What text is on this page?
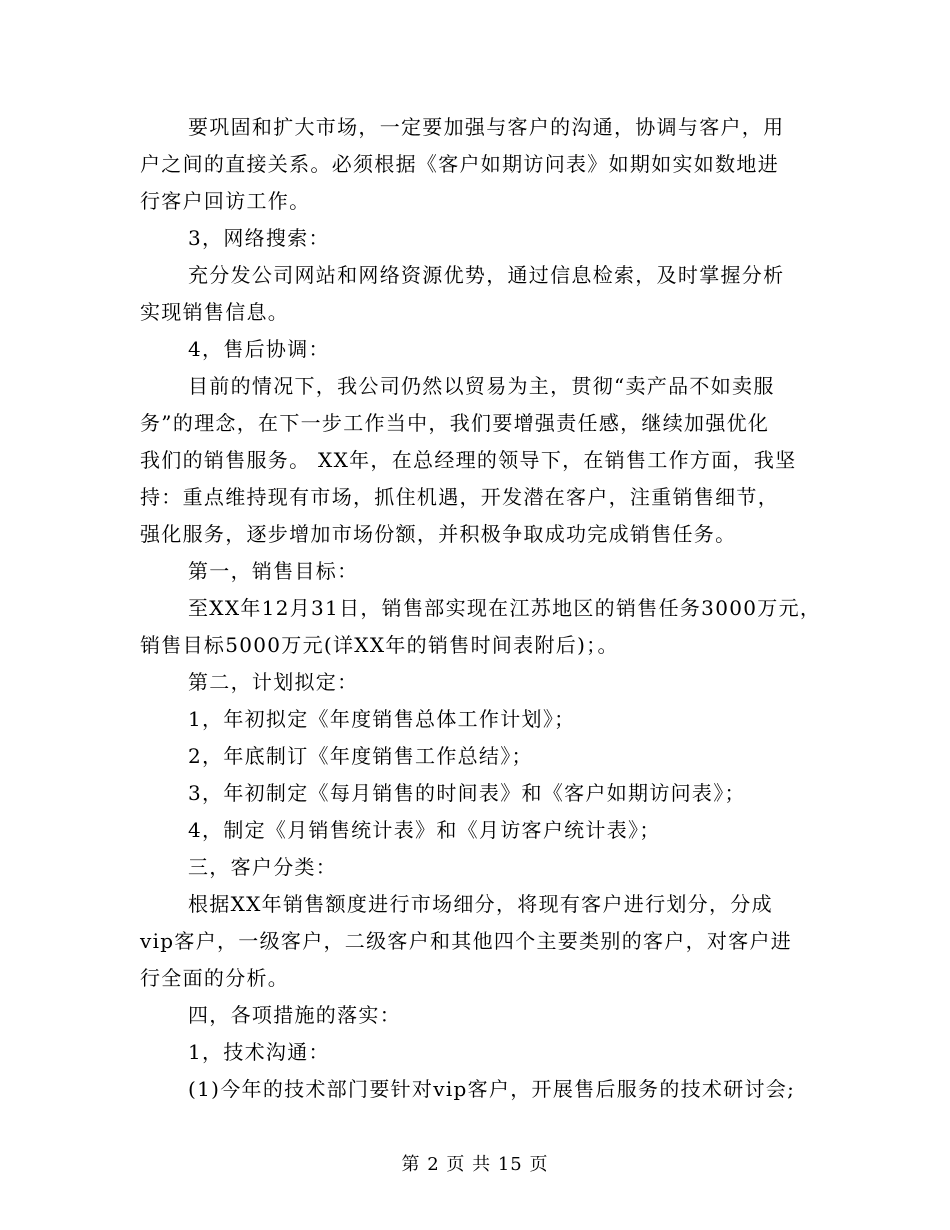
要巩固和扩大市场，一定要加强与客户的沟通，协调与客户，用
户之间的直接关系。必须根据《客户如期访问表》如期如实如数地进
行客户回访工作。
3，网络搜索：
充分发公司网站和网络资源优势，通过信息检索，及时掌握分析
实现销售信息。
4，售后协调：
目前的情况下，我公司仍然以贸易为主，贯彻“卖产品不如卖服
务”的理念，在下一步工作当中，我们要增强责任感，继续加强优化
我们的销售服务。 XX年，在总经理的领导下，在销售工作方面，我坚
持：重点维持现有市场，抓住机遇，开发潜在客户，注重销售细节，
强化服务，逐步增加市场份额，并积极争取成功完成销售任务。
第一，销售目标：
至XX年12月31日，销售部实现在江苏地区的销售任务3000万元，
销售目标5000万元(详XX年的销售时间表附后)；。
第二，计划拟定：
1，年初拟定《年度销售总体工作计划》；
2，年底制订《年度销售工作总结》；
3，年初制定《每月销售的时间表》和《客户如期访问表》；
4，制定《月销售统计表》和《月访客户统计表》；
三，客户分类：
根据XX年销售额度进行市场细分，将现有客户进行划分，分成
vip客户，一级客户，二级客户和其他四个主要类别的客户，对客户进
行全面的分析。
四，各项措施的落实：
1，技术沟通：
(1)今年的技术部门要针对vip客户，开展售后服务的技术研讨会;
第 2 页 共 15 页
